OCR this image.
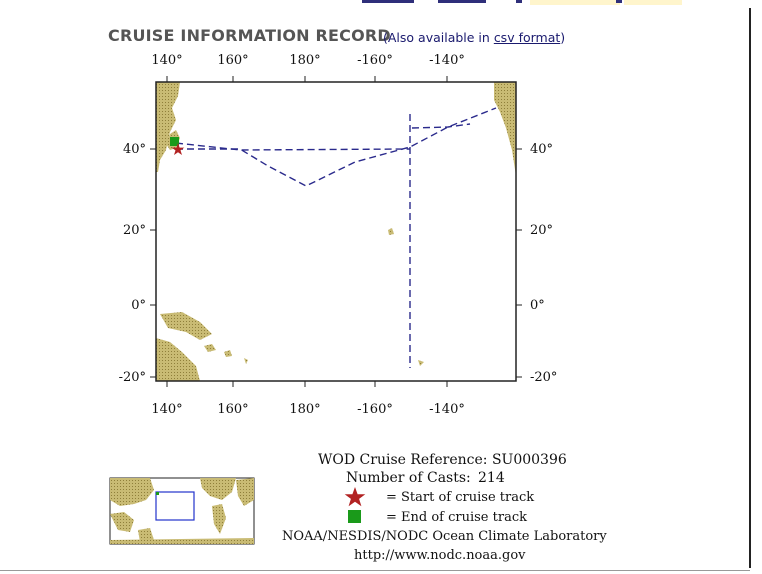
CRUISE INFORMATION RECORD
(Also available in csv format)
140°	160°	180°	-160°	-140°
140°	160°	180°	-160°	-140°
40°
20°
0°
-20°
40°
20°
0°
-20°
WOD Cruise Reference: SU000396
Number of Casts: 214
= Start of cruise track
= End of cruise track
NOAA/NESDIS/NODC Ocean Climate Laboratory
http://www.nodc.noaa.gov
